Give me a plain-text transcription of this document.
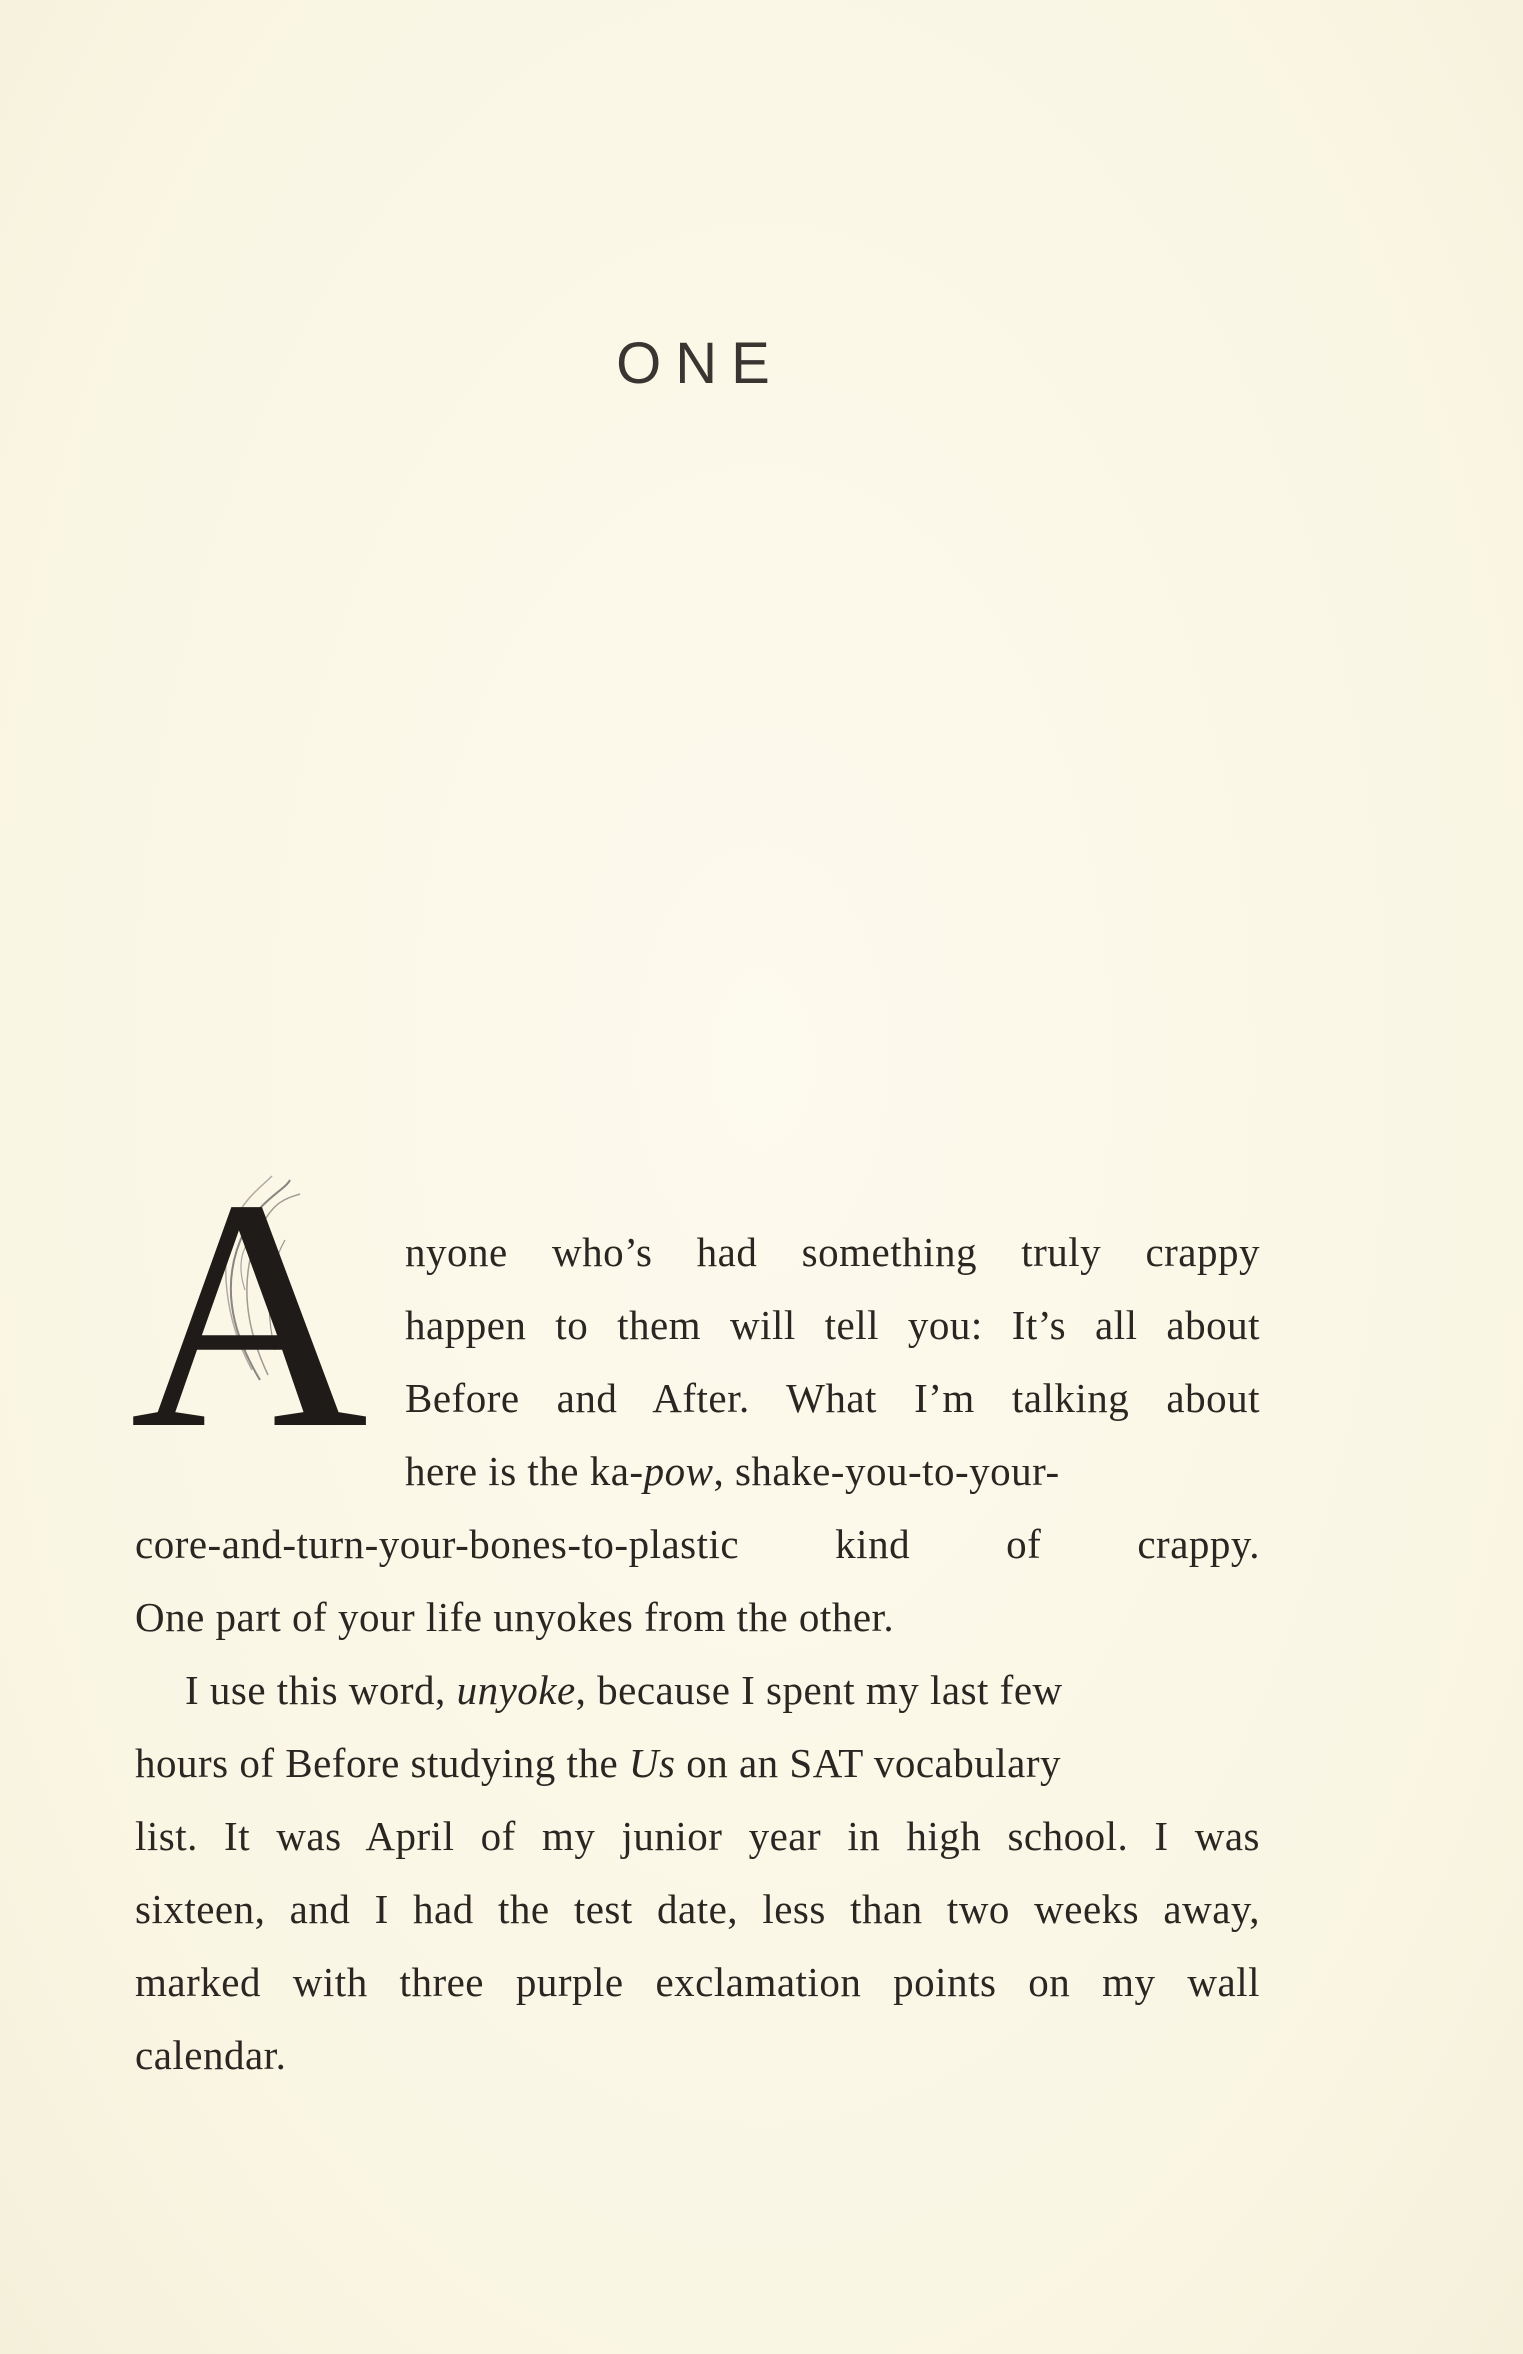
ONE
A nyone who’s had something truly crappy
happen to them will tell you: It’s all about
Before and After. What I’m talking about
here is the ka-pow, shake-you-to-your-
core-and-turn-your-bones-to-plastic kind of crappy.
One part of your life unyokes from the other.
I use this word, unyoke, because I spent my last few
hours of Before studying the Us on an SAT vocabulary
list. It was April of my junior year in high school. I was
sixteen, and I had the test date, less than two weeks away,
marked with three purple exclamation points on my wall
calendar.
